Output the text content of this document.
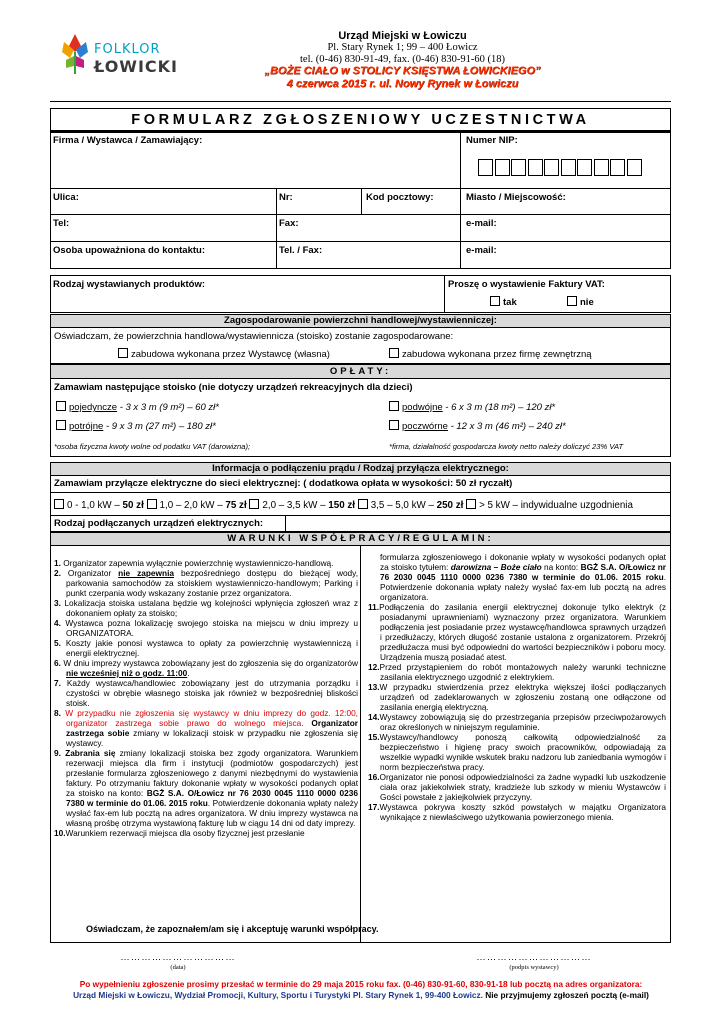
FOLKLOR
ŁOWICKI
Urząd Miejski w Łowiczu
Pl. Stary Rynek 1; 99 – 400 Łowicz
tel. (0-46) 830-91-49, fax. (0-46) 830-91-60 (18)
„BOŻE CIAŁO w STOLICY KSIĘSTWA ŁOWICKIEGO”
4 czerwca 2015 r. ul. Nowy Rynek w Łowiczu
FORMULARZ ZGŁOSZENIOWY UCZESTNICTWA
Firma / Wystawca / Zamawiający:	Numer NIP:
Ulica:	Nr:	Kod pocztowy:	Miasto / Miejscowość:
Tel:	Fax:	e-mail:
Osoba upoważniona do kontaktu:	Tel. / Fax:	e-mail:
Rodzaj wystawianych produktów:	Proszę o wystawienie Faktury VAT:
tak	nie
Zagospodarowanie powierzchni handlowej/wystawienniczej:
Oświadczam, że powierzchnia handlowa/wystawiennicza (stoisko) zostanie zagospodarowane:
zabudowa wykonana przez Wystawcę (własna)	zabudowa wykonana przez firmę zewnętrzną
OPŁATY:
Zamawiam następujące stoisko (nie dotyczy urządzeń rekreacyjnych dla dzieci)
pojedyncze - 3 x 3 m (9 m²) – 60 zł*	podwójne - 6 x 3 m (18 m²) – 120 zł*
potrójne - 9 x 3 m (27 m²) – 180 zł*	poczwórne - 12 x 3 m (46 m²) – 240 zł*
*osoba fizyczna kwoty wolne od podatku VAT (darowizna);	*firma, działalność gospodarcza kwoty netto należy doliczyć 23% VAT
Informacja o podłączeniu prądu / Rodzaj przyłącza elektrycznego:
Zamawiam przyłącze elektryczne do sieci elektrycznej: ( dodatkowa opłata w wysokości: 50 zł ryczałt)
0 - 1,0 kW – 50 zł 1,0 – 2,0 kW – 75 zł 2,0 – 3,5 kW – 150 zł 3,5 – 5,0 kW – 250 zł > 5 kW – indywidualne uzgodnienia
Rodzaj podłączanych urządzeń elektrycznych:
WARUNKI WSPÓŁPRACY/REGULAMIN:

1. Organizator zapewnia wyłącznie powierzchnię wystawienniczo-handlową.

2. Organizator nie zapewnia bezpośredniego dostępu do bieżącej wody, parkowania samochodów za stoiskiem wystawienniczo-handlowym; Parking i punkt czerpania wody wskazany zostanie przez organizatora.

3. Lokalizacja stoiska ustalana będzie wg kolejności wpłynięcia zgłoszeń wraz z dokonaniem opłaty za stoisko;

4. Wystawca pozna lokalizację swojego stoiska na miejscu w dniu imprezy u ORGANIZATORA.

5. Koszty jakie ponosi wystawca to opłaty za powierzchnię wystawienniczą i energii elektrycznej.

6. W dniu imprezy wystawca zobowiązany jest do zgłoszenia się do organizatorów nie wcześniej niż o godz. 11:00.

7. Każdy wystawca/handlowiec zobowiązany jest do utrzymania porządku i czystości w obrębie własnego stoiska jak również w bezpośredniej bliskości stoisk.

8. W przypadku nie zgłoszenia się wystawcy w dniu imprezy do godz. 12:00, organizator zastrzega sobie prawo do wolnego miejsca. Organizator zastrzega sobie zmiany w lokalizacji stoisk w przypadku nie zgłoszenia się wystawcy.

9. Zabrania się zmiany lokalizacji stoiska bez zgody organizatora. Warunkiem rezerwacji miejsca dla firm i instytucji (podmiotów gospodarczych) jest przesłanie formularza zgłoszeniowego z danymi niezbędnymi do wystawienia faktury. Po otrzymaniu faktury dokonanie wpłaty w wysokości podanych opłat za stoisko na konto: BGŻ S.A. O/Łowicz nr 76 2030 0045 1110 0000 0236 7380 w terminie do 01.06. 2015 roku. Potwierdzenie dokonania wpłaty należy wysłać fax-em lub pocztą na adres organizatora. W dniu imprezy wystawca na własną prośbę otrzyma wystawioną fakturę lub w ciągu 14 dni od daty imprezy.

10.Warunkiem rezerwacji miejsca dla osoby fizycznej jest przesłanie

formularza zgłoszeniowego i dokonanie wpłaty w wysokości podanych opłat za stoisko tytułem: darowizna – Boże ciało na konto: BGŻ S.A. O/Łowicz nr 76 2030 0045 1110 0000 0236 7380 w terminie do 01.06. 2015 roku. Potwierdzenie dokonania wpłaty należy wysłać fax-em lub pocztą na adres organizatora.

11.Podłączenia do zasilania energii elektrycznej dokonuje tylko elektryk (z posiadanymi uprawnieniami) wyznaczony przez organizatora. Warunkiem podłączenia jest posiadanie przez wystawcę/handlowca sprawnych urządzeń i przedłużaczy, których długość zostanie ustalona z organizatorem. Przekrój przedłużacza musi być odpowiedni do wartości bezpieczników i poboru mocy. Urządzenia muszą posiadać atest.

12.Przed przystąpieniem do robót montażowych należy warunki techniczne zasilania elektrycznego uzgodnić z elektrykiem.

13.W przypadku stwierdzenia przez elektryka większej ilości podłączanych urządzeń od zadeklarowanych w zgłoszeniu zostaną one odłączone od zasilania energią elektryczną.

14.Wystawcy zobowiązują się do przestrzegania przepisów przeciwpożarowych oraz określonych w niniejszym regulaminie.

15.Wystawcy/handlowcy ponoszą całkowitą odpowiedzialność za bezpieczeństwo i higienę pracy swoich pracowników, odpowiadają za wszelkie wypadki wynikłe wskutek braku nadzoru lub zaniedbania wymogów i norm bezpieczeństwa pracy.

16.Organizator nie ponosi odpowiedzialności za żadne wypadki lub uszkodzenie ciała oraz jakiekolwiek straty, kradzieże lub szkody w mieniu Wystawców i Gości powstałe z jakiejkolwiek przyczyny.

17.Wystawca pokrywa koszty szkód powstałych w majątku Organizatora wynikające z niewłaściwego użytkowania powierzonego mienia.

Oświadczam, że zapoznałem/am się i akceptuję warunki współpracy.
……………………………
(data)
……………………………
(podpis wystawcy)
Po wypełnieniu zgłoszenie prosimy przesłać w terminie do 29 maja 2015 roku fax. (0-46) 830-91-60, 830-91-18 lub pocztą na adres organizatora:
Urząd Miejski w Łowiczu, Wydział Promocji, Kultury, Sportu i Turystyki Pl. Stary Rynek 1, 99-400 Łowicz. Nie przyjmujemy zgłoszeń pocztą (e-mail)
